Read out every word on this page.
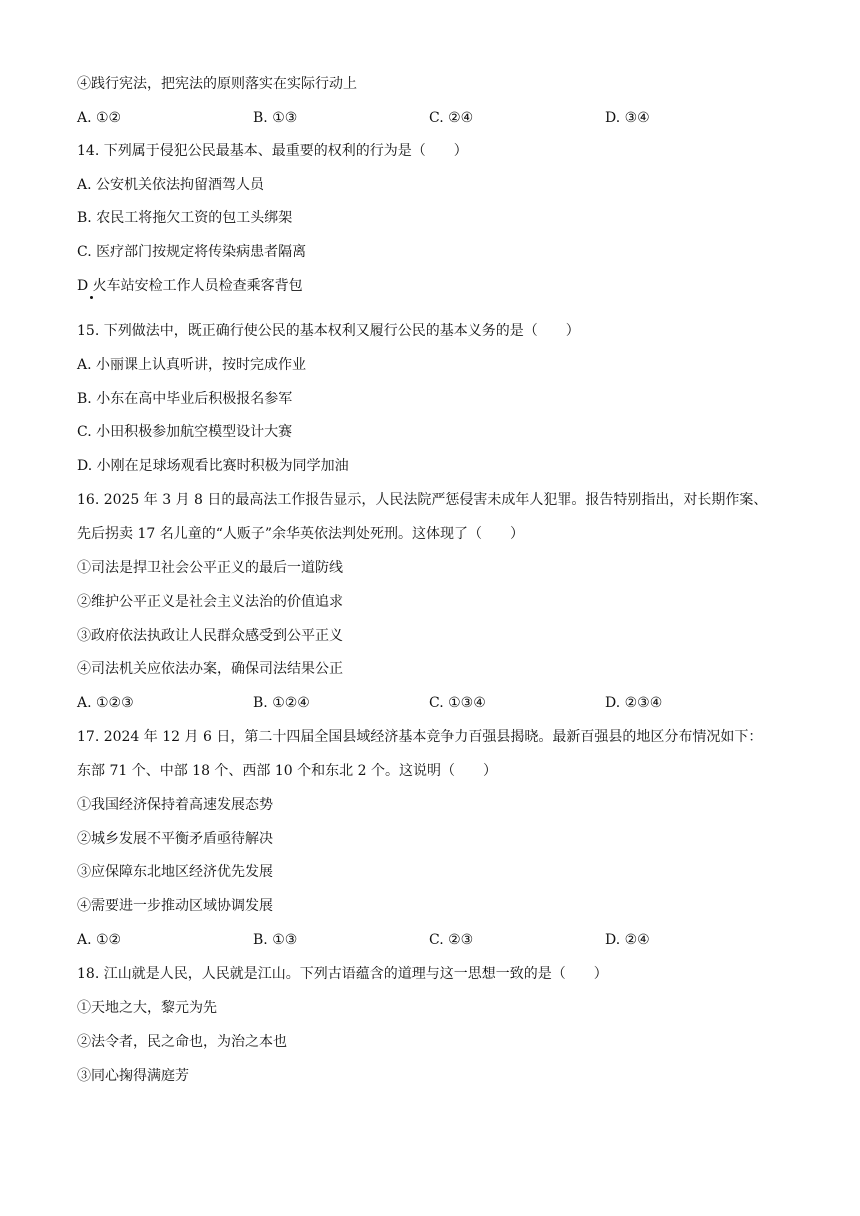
④践行宪法，把宪法的原则落实在实际行动上
A. ①②	B. ①③	C. ②④	D. ③④
14. 下列属于侵犯公民最基本、最重要的权利的行为是（　　）
A. 公安机关依法拘留酒驾人员
B. 农民工将拖欠工资的包工头绑架
C. 医疗部门按规定将传染病患者隔离
D 火车站安检工作人员检查乘客背包
15. 下列做法中，既正确行使公民的基本权利又履行公民的基本义务的是（　　）
A. 小丽课上认真听讲，按时完成作业
B. 小东在高中毕业后积极报名参军
C. 小田积极参加航空模型设计大赛
D. 小刚在足球场观看比赛时积极为同学加油
16. 2025 年 3 月 8 日的最高法工作报告显示，人民法院严惩侵害未成年人犯罪。报告特别指出，对长期作案、
先后拐卖 17 名儿童的“人贩子”余华英依法判处死刑。这体现了（　　）
①司法是捍卫社会公平正义的最后一道防线
②维护公平正义是社会主义法治的价值追求
③政府依法执政让人民群众感受到公平正义
④司法机关应依法办案，确保司法结果公正
A. ①②③	B. ①②④	C. ①③④	D. ②③④
17. 2024 年 12 月 6 日，第二十四届全国县域经济基本竞争力百强县揭晓。最新百强县的地区分布情况如下：
东部 71 个、中部 18 个、西部 10 个和东北 2 个。这说明（　　）
①我国经济保持着高速发展态势
②城乡发展不平衡矛盾亟待解决
③应保障东北地区经济优先发展
④需要进一步推动区域协调发展
A. ①②	B. ①③	C. ②③	D. ②④
18. 江山就是人民，人民就是江山。下列古语蕴含的道理与这一思想一致的是（　　）
①天地之大，黎元为先
②法令者，民之命也，为治之本也
③同心掬得满庭芳
